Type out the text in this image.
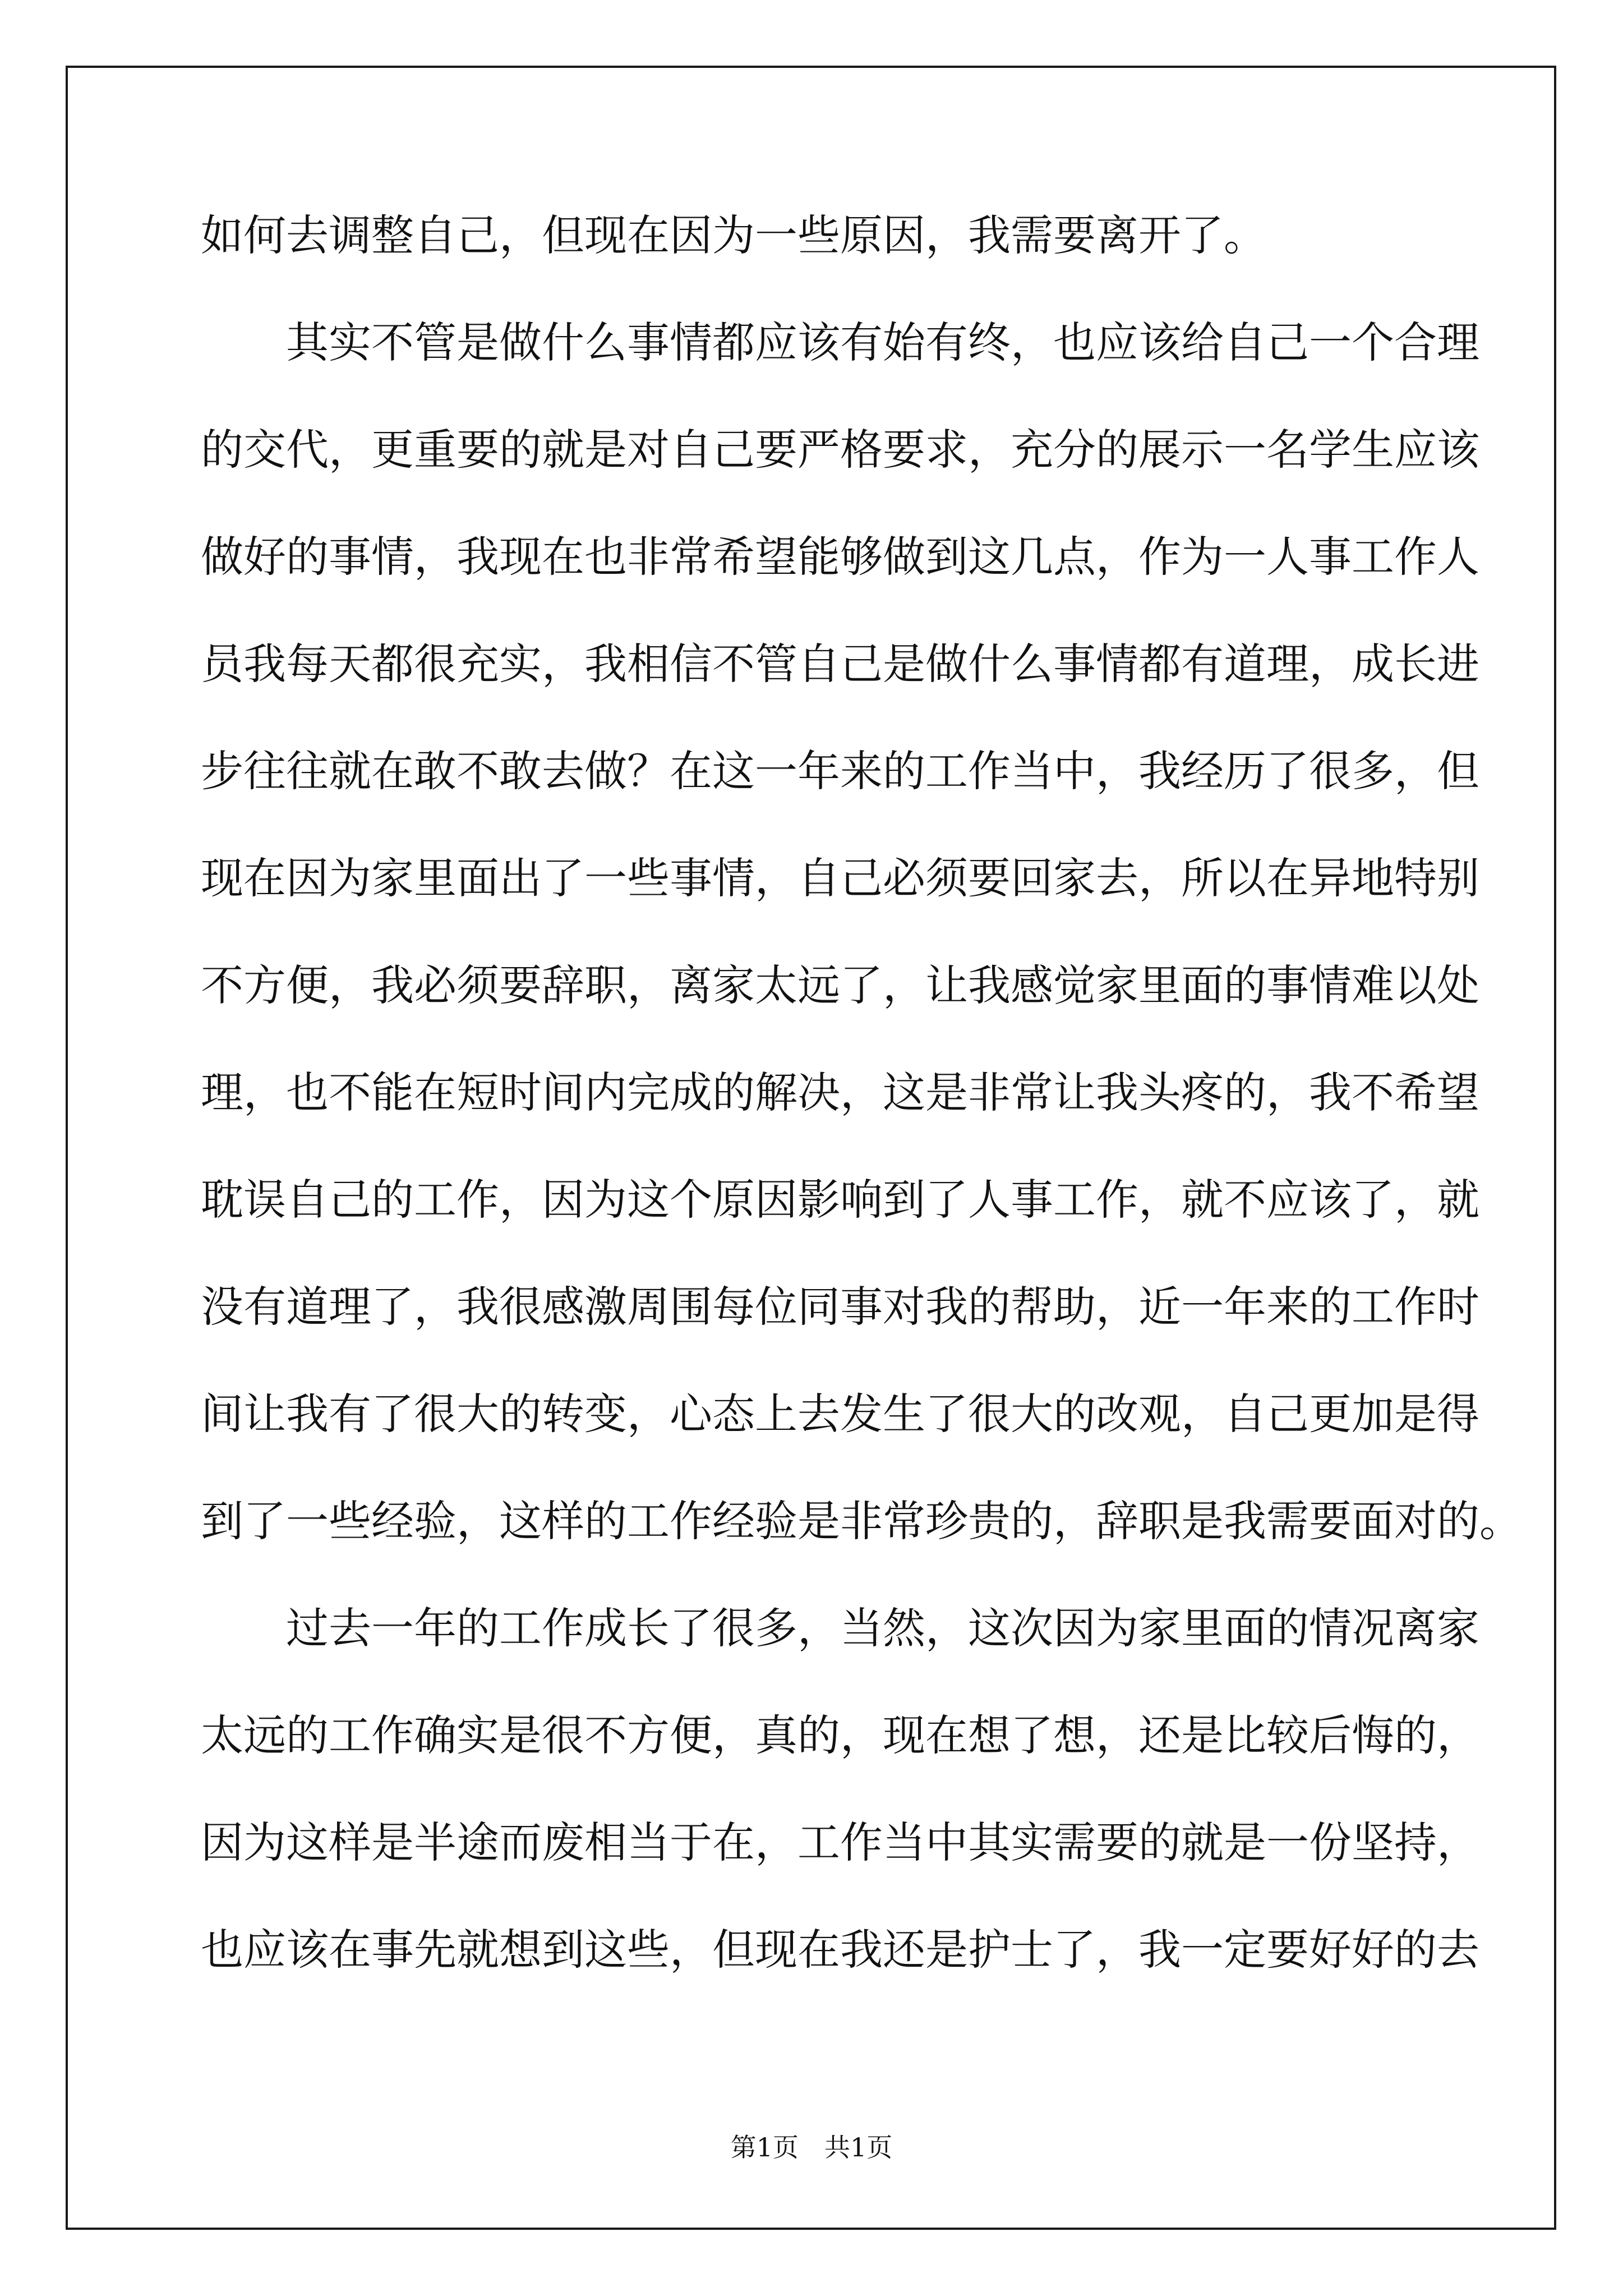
如何去调整自己，但现在因为一些原因，我需要离开了。
　　其实不管是做什么事情都应该有始有终，也应该给自己一个合理
的交代，更重要的就是对自己要严格要求，充分的展示一名学生应该
做好的事情，我现在也非常希望能够做到这几点，作为一人事工作人
员我每天都很充实，我相信不管自己是做什么事情都有道理，成长进
步往往就在敢不敢去做？在这一年来的工作当中，我经历了很多，但
现在因为家里面出了一些事情，自己必须要回家去，所以在异地特别
不方便，我必须要辞职，离家太远了，让我感觉家里面的事情难以处
理，也不能在短时间内完成的解决，这是非常让我头疼的，我不希望
耽误自己的工作，因为这个原因影响到了人事工作，就不应该了，就
没有道理了，我很感激周围每位同事对我的帮助，近一年来的工作时
间让我有了很大的转变，心态上去发生了很大的改观，自己更加是得
到了一些经验，这样的工作经验是非常珍贵的，辞职是我需要面对的。
　　过去一年的工作成长了很多，当然，这次因为家里面的情况离家
太远的工作确实是很不方便，真的，现在想了想，还是比较后悔的，
因为这样是半途而废相当于在，工作当中其实需要的就是一份坚持，
也应该在事先就想到这些，但现在我还是护士了，我一定要好好的去
第1页　共1页
